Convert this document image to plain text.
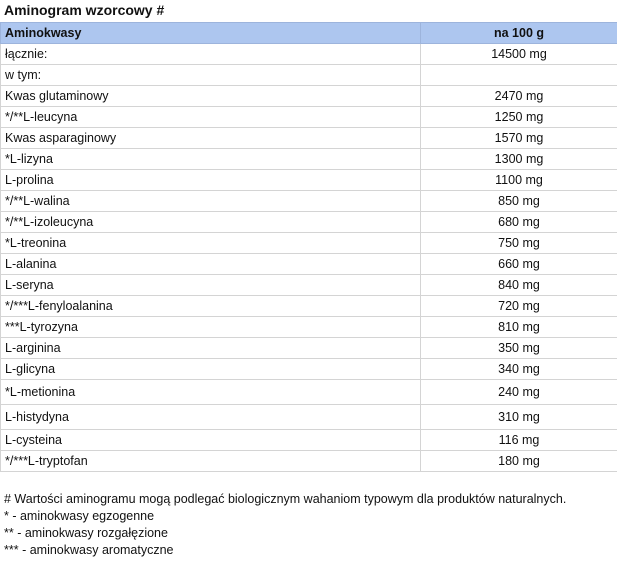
Aminogram wzorcowy #
Aminokwasy	na 100 g
łącznie:	14500 mg
w tym:	
Kwas glutaminowy	2470 mg
*/**L-leucyna	1250 mg
Kwas asparaginowy	1570 mg
*L-lizyna	1300 mg
L-prolina	1100 mg
*/**L-walina	850 mg
*/**L-izoleucyna	680 mg
*L-treonina	750 mg
L-alanina	660 mg
L-seryna	840 mg
*/***L-fenyloalanina	720 mg
***L-tyrozyna	810 mg
L-arginina	350 mg
L-glicyna	340 mg
*L-metionina	240 mg
L-histydyna	310 mg
L-cysteina	116 mg
*/***L-tryptofan	180 mg
# Wartości aminogramu mogą podlegać biologicznym wahaniom typowym dla produktów naturalnych.
* - aminokwasy egzogenne
** - aminokwasy rozgałęzione
*** - aminokwasy aromatyczne
